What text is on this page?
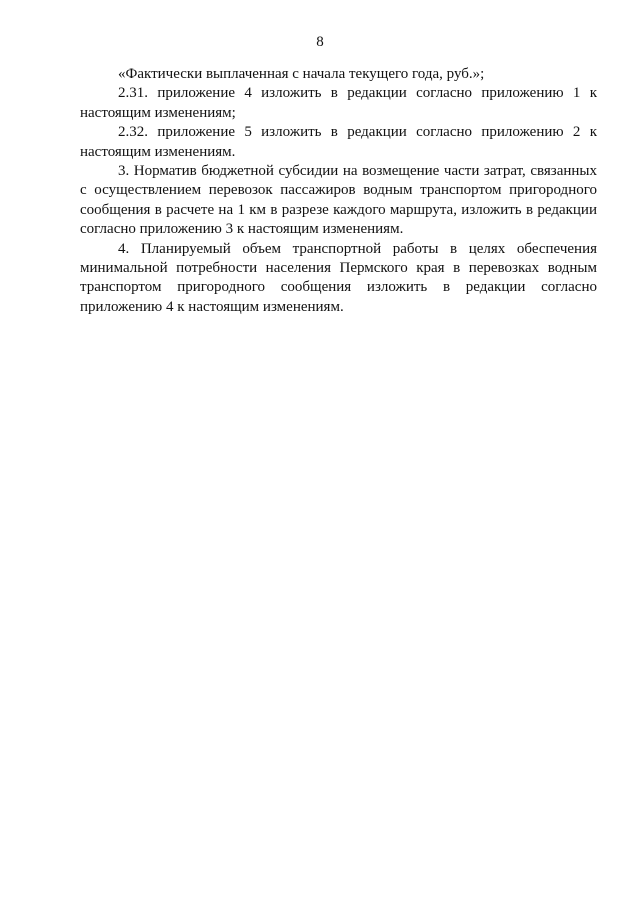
8

«Фактически выплаченная с начала текущего года, руб.»;

2.31. приложение 4 изложить в редакции согласно приложению 1 к настоящим изменениям;

2.32. приложение 5 изложить в редакции согласно приложению 2 к настоящим изменениям.

3. Норматив бюджетной субсидии на возмещение части затрат, связанных с осуществлением перевозок пассажиров водным транспортом пригородного сообщения в расчете на 1 км в разрезе каждого маршрута, изложить в редакции согласно приложению 3 к настоящим изменениям.

4. Планируемый объем транспортной работы в целях обеспечения минимальной потребности населения Пермского края в перевозках водным транспортом пригородного сообщения изложить в редакции согласно приложению 4 к настоящим изменениям.
